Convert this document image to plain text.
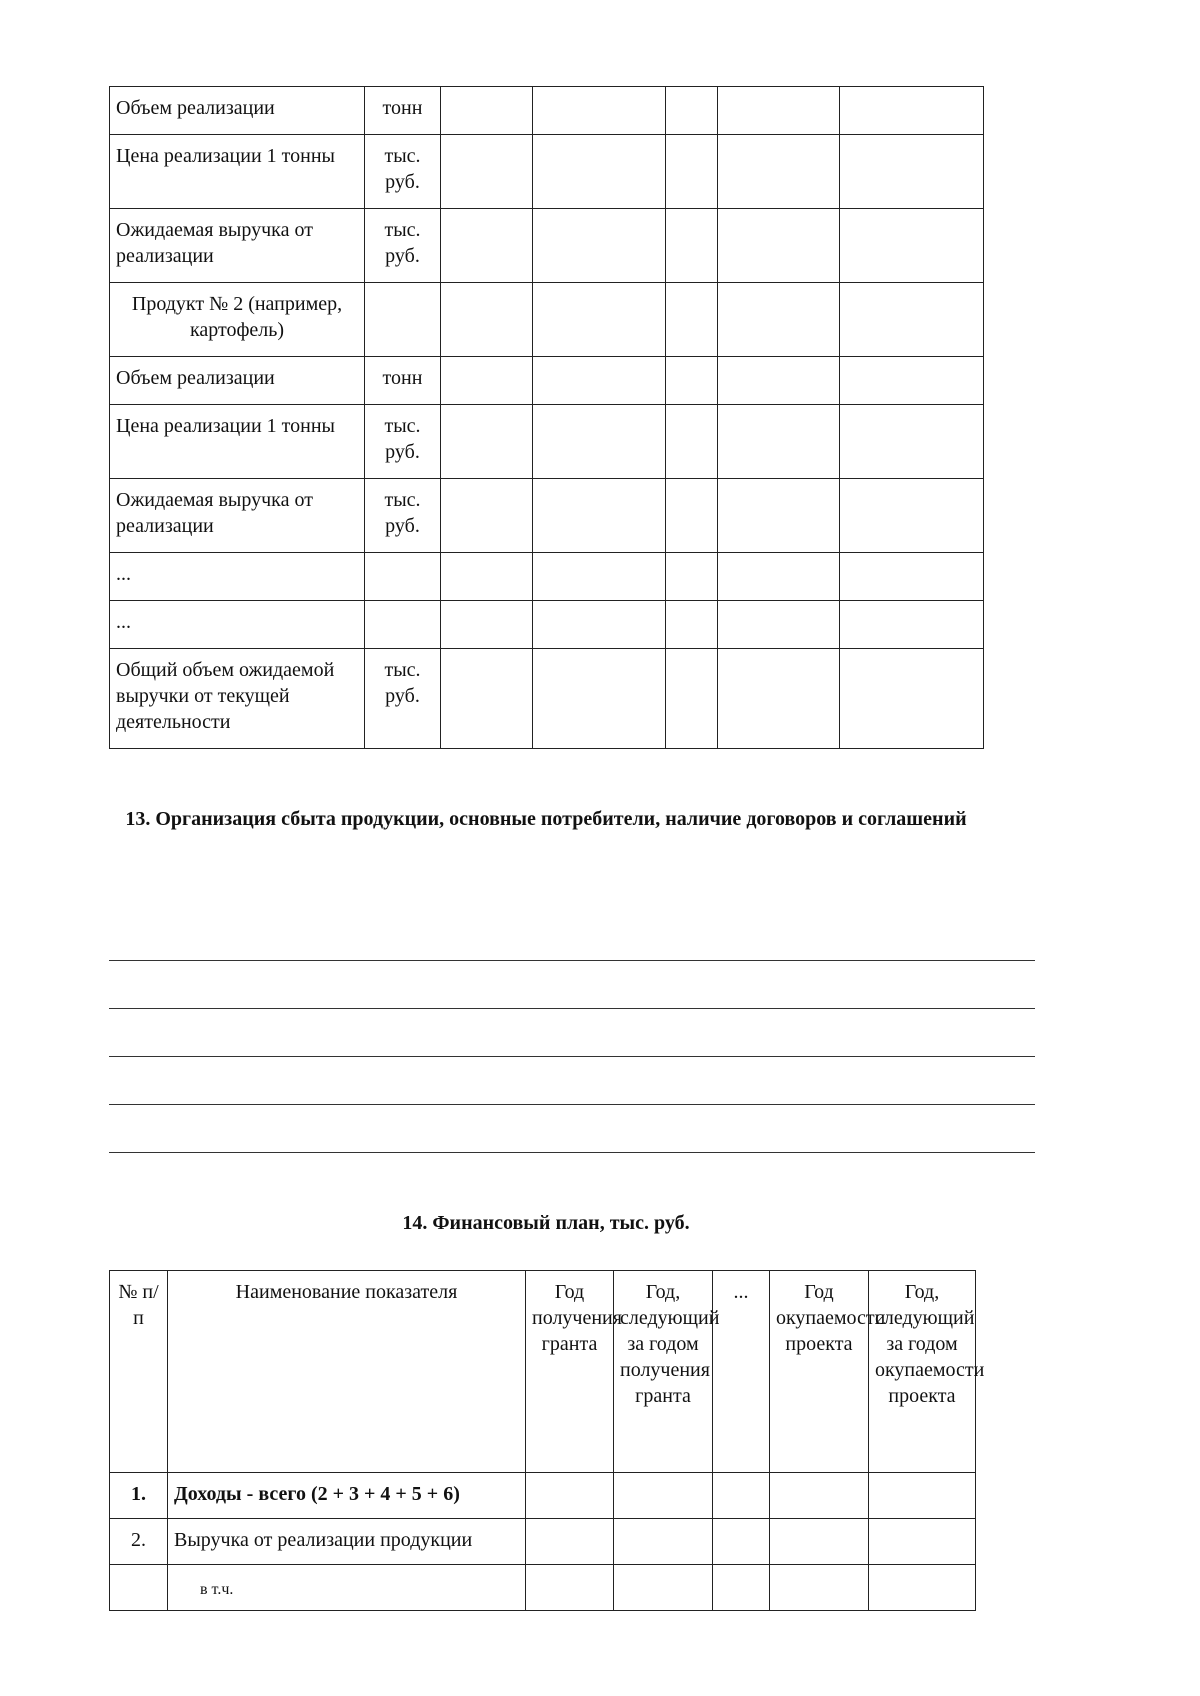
Объем реализации	тонн					

Цена реализации 1 тонны	тыс. руб.					

Ожидаемая выручка от реализации	тыс. руб.					

Продукт № 2 (например, картофель)						

Объем реализации	тонн					

Цена реализации 1 тонны	тыс. руб.					

Ожидаемая выручка от реализации	тыс. руб.					

...						

...						

Общий объем ожидаемой выручки от текущей деятельности	тыс. руб.					

13. Организация сбыта продукции, основные потребители, наличие договоров и соглашений
14. Финансовый план, тыс. руб.
№ п/п	Наименование показателя	Год получения гранта	Год, следующий за годом получения гранта	...	Год окупаемости проекта	Год, следующий за годом окупаемости проекта

1.	Доходы - всего (2 + 3 + 4 + 5 + 6)					

2.	Выручка от реализации продукции					

	в т.ч.					
